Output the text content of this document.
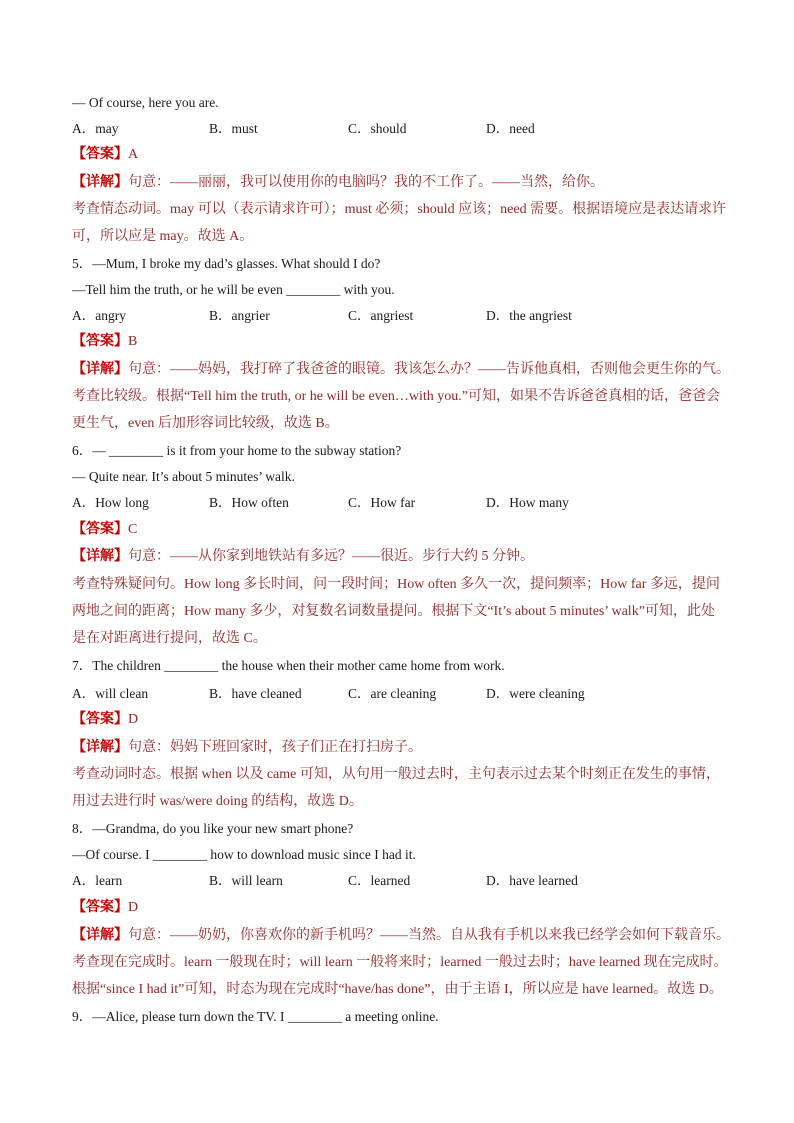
— Of course, here you are.
A．may	B．must	C．should	D．need
【答案】A
【详解】句意：——丽丽，我可以使用你的电脑吗？我的不工作了。——当然，给你。
考查情态动词。may 可以（表示请求许可）；must 必须；should 应该；need 需要。根据语境应是表达请求许
可，所以应是 may。故选 A。
5．—Mum, I broke my dad’s glasses. What should I do?
—Tell him the truth, or he will be even ________ with you.
A．angry	B．angrier	C．angriest	D．the angriest
【答案】B
【详解】句意：——妈妈，我打碎了我爸爸的眼镜。我该怎么办？——告诉他真相，否则他会更生你的气。
考查比较级。根据“Tell him the truth, or he will be even…with you.”可知，如果不告诉爸爸真相的话，爸爸会
更生气，even 后加形容词比较级，故选 B。
6．— ________ is it from your home to the subway station?
— Quite near. It’s about 5 minutes’ walk.
A．How long	B．How often	C．How far	D．How many
【答案】C
【详解】句意：——从你家到地铁站有多远？——很近。步行大约 5 分钟。
考查特殊疑问句。How long 多长时间，问一段时间；How often 多久一次，提问频率；How far 多远，提问
两地之间的距离；How many 多少，对复数名词数量提问。根据下文“It’s about 5 minutes’ walk”可知，此处
是在对距离进行提问，故选 C。
7．The children ________ the house when their mother came home from work.
A．will clean	B．have cleaned	C．are cleaning	D．were cleaning
【答案】D
【详解】句意：妈妈下班回家时，孩子们正在打扫房子。
考查动词时态。根据 when 以及 came 可知，从句用一般过去时，主句表示过去某个时刻正在发生的事情，
用过去进行时 was/were doing 的结构，故选 D。
8．—Grandma, do you like your new smart phone?
—Of course. I ________ how to download music since I had it.
A．learn	B．will learn	C．learned	D．have learned
【答案】D
【详解】句意：——奶奶，你喜欢你的新手机吗？——当然。自从我有手机以来我已经学会如何下载音乐。
考查现在完成时。learn 一般现在时；will learn 一般将来时；learned 一般过去时；have learned 现在完成时。
根据“since I had it”可知，时态为现在完成时“have/has done”，由于主语 I，所以应是 have learned。故选 D。
9．—Alice, please turn down the TV. I ________ a meeting online.
